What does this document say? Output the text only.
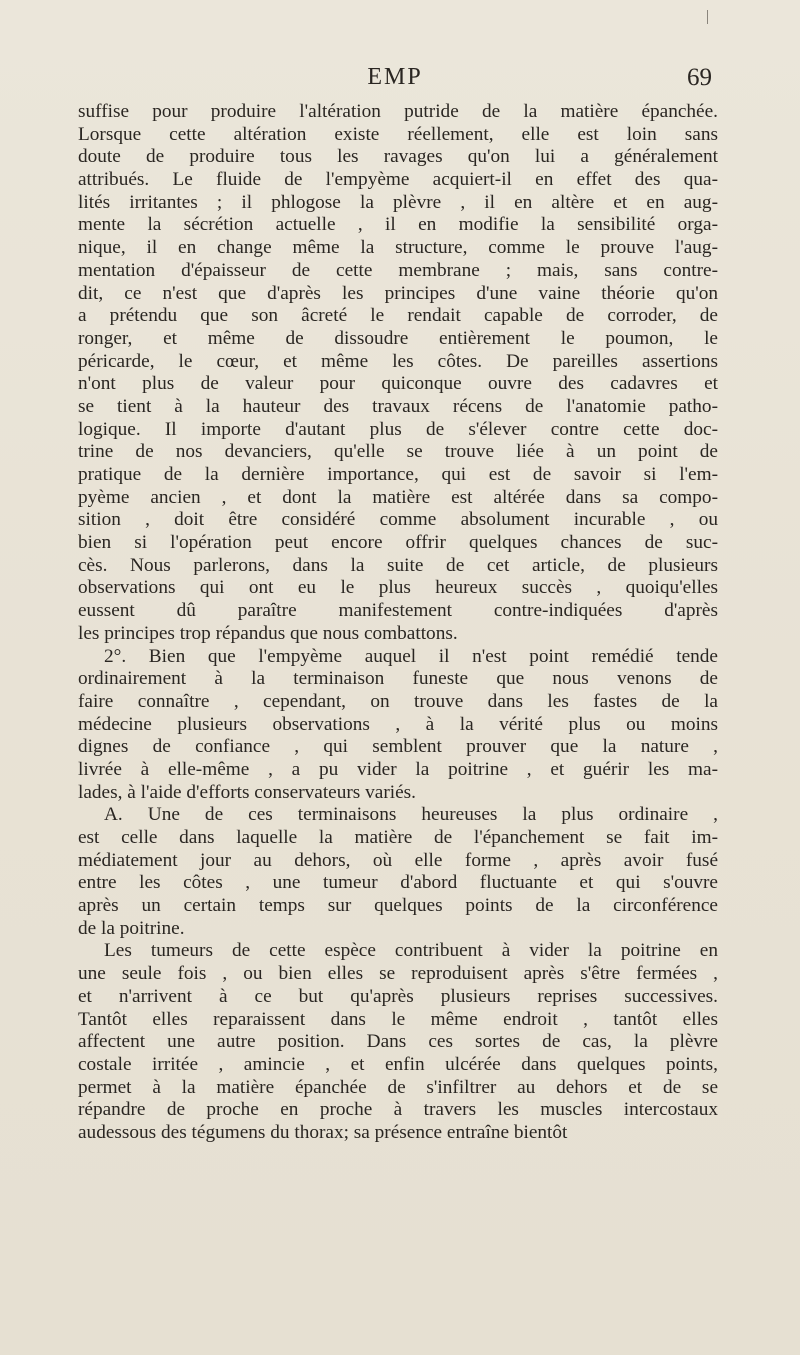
EMP	69
suffise pour produire l'altération putride de la matière épanchée.
Lorsque cette altération existe réellement, elle est loin sans
doute de produire tous les ravages qu'on lui a généralement
attribués. Le fluide de l'empyème acquiert-il en effet des qua-
lités irritantes ; il phlogose la plèvre , il en altère et en aug-
mente la sécrétion actuelle , il en modifie la sensibilité orga-
nique, il en change même la structure, comme le prouve l'aug-
mentation d'épaisseur de cette membrane ; mais, sans contre-
dit, ce n'est que d'après les principes d'une vaine théorie qu'on
a prétendu que son âcreté le rendait capable de corroder, de
ronger, et même de dissoudre entièrement le poumon, le
péricarde, le cœur, et même les côtes. De pareilles assertions
n'ont plus de valeur pour quiconque ouvre des cadavres et
se tient à la hauteur des travaux récens de l'anatomie patho-
logique. Il importe d'autant plus de s'élever contre cette doc-
trine de nos devanciers, qu'elle se trouve liée à un point de
pratique de la dernière importance, qui est de savoir si l'em-
pyème ancien , et dont la matière est altérée dans sa compo-
sition , doit être considéré comme absolument incurable , ou
bien si l'opération peut encore offrir quelques chances de suc-
cès. Nous parlerons, dans la suite de cet article, de plusieurs
observations qui ont eu le plus heureux succès , quoiqu'elles
eussent dû paraître manifestement contre-indiquées d'après
les principes trop répandus que nous combattons.
2°. Bien que l'empyème auquel il n'est point remédié tende
ordinairement à la terminaison funeste que nous venons de
faire connaître , cependant, on trouve dans les fastes de la
médecine plusieurs observations , à la vérité plus ou moins
dignes de confiance , qui semblent prouver que la nature ,
livrée à elle-même , a pu vider la poitrine , et guérir les ma-
lades, à l'aide d'efforts conservateurs variés.
A. Une de ces terminaisons heureuses la plus ordinaire ,
est celle dans laquelle la matière de l'épanchement se fait im-
médiatement jour au dehors, où elle forme , après avoir fusé
entre les côtes , une tumeur d'abord fluctuante et qui s'ouvre
après un certain temps sur quelques points de la circonférence
de la poitrine.
Les tumeurs de cette espèce contribuent à vider la poitrine en
une seule fois , ou bien elles se reproduisent après s'être fermées ,
et n'arrivent à ce but qu'après plusieurs reprises successives.
Tantôt elles reparaissent dans le même endroit , tantôt elles
affectent une autre position. Dans ces sortes de cas, la plèvre
costale irritée , amincie , et enfin ulcérée dans quelques points,
permet à la matière épanchée de s'infiltrer au dehors et de se
répandre de proche en proche à travers les muscles intercostaux
audessous des tégumens du thorax; sa présence entraîne bientôt
